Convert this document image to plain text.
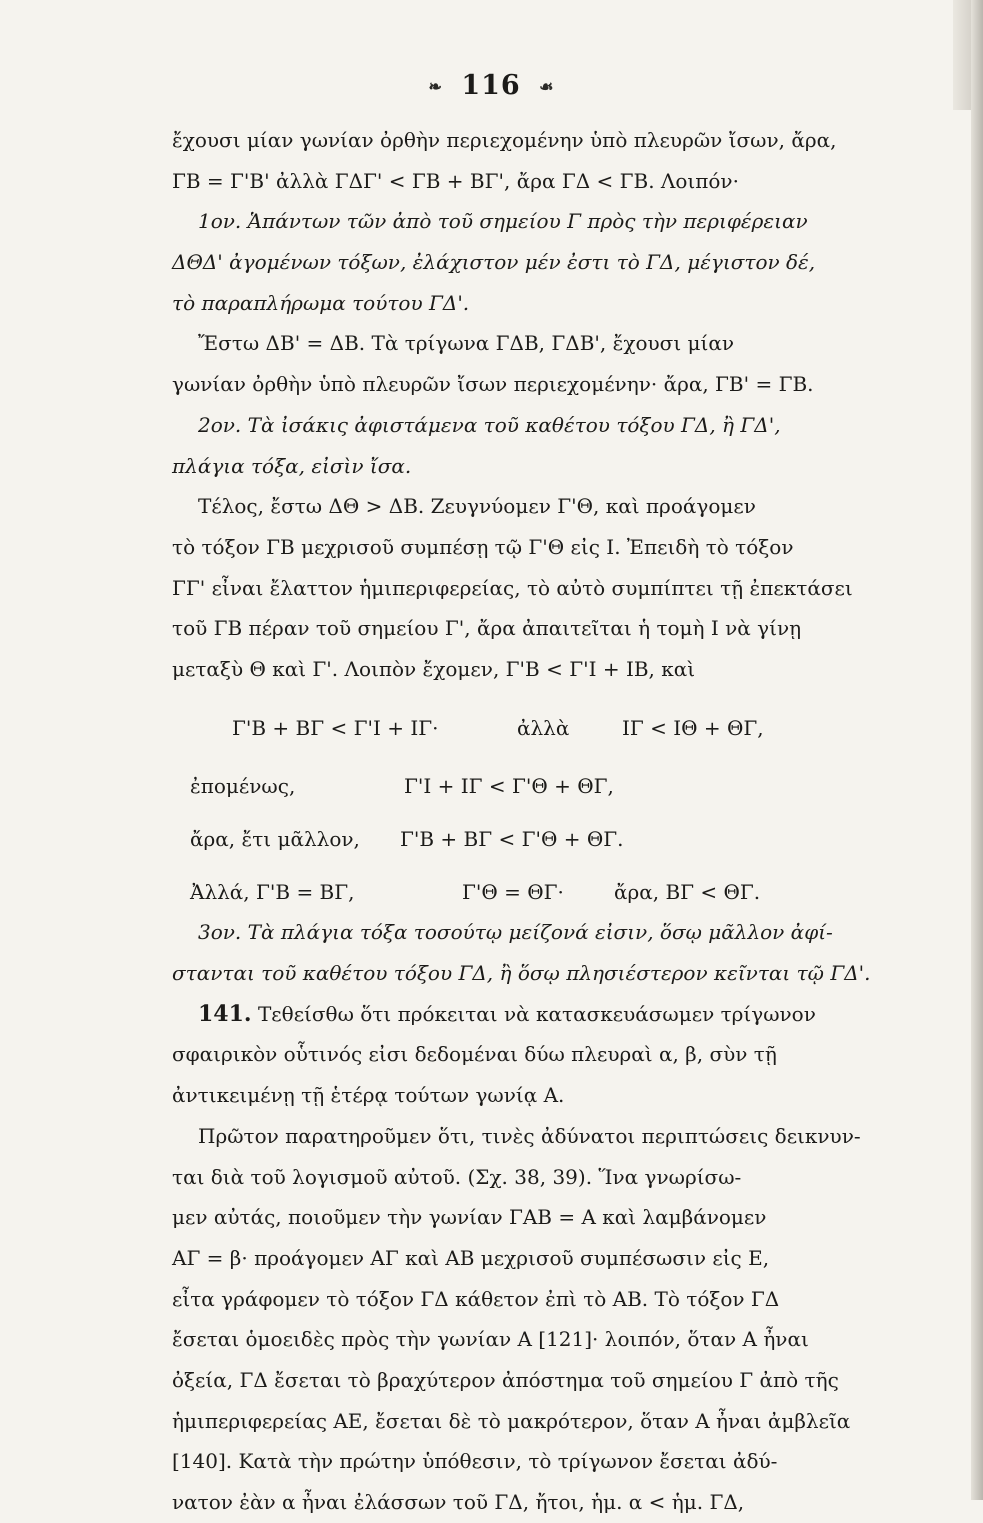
❧ 116 ☙
ἔχουσι μίαν γωνίαν ὀρθὴν περιεχομένην ὑπὸ πλευρῶν ἴσων, ἄρα,
ΓΒ = Γ'Β' ἀλλὰ ΓΔΓ' < ΓΒ + ΒΓ', ἄρα ΓΔ < ΓΒ. Λοιπόν·
1ον. Ἁπάντων τῶν ἀπὸ τοῦ σημείου Γ πρὸς τὴν περιφέρειαν
ΔΘΔ' ἀγομένων τόξων, ἐλάχιστον μέν ἐστι τὸ ΓΔ, μέγιστον δέ,
τὸ παραπλήρωμα τούτου ΓΔ'.
Ἔστω ΔΒ' = ΔΒ. Τὰ τρίγωνα ΓΔΒ, ΓΔΒ', ἔχουσι μίαν
γωνίαν ὀρθὴν ὑπὸ πλευρῶν ἴσων περιεχομένην· ἄρα, ΓΒ' = ΓΒ.
2ον. Τὰ ἰσάκις ἀφιστάμενα τοῦ καθέτου τόξου ΓΔ, ἢ ΓΔ',
πλάγια τόξα, εἰσὶν ἴσα.
Τέλος, ἔστω ΔΘ > ΔΒ. Ζευγνύομεν Γ'Θ, καὶ προάγομεν
τὸ τόξον ΓΒ μεχρισοῦ συμπέσῃ τῷ Γ'Θ εἰς Ι. Ἐπειδὴ τὸ τόξον
ΓΓ' εἶναι ἔλαττον ἡμιπεριφερείας, τὸ αὐτὸ συμπίπτει τῇ ἐπεκτάσει
τοῦ ΓΒ πέραν τοῦ σημείου Γ', ἄρα ἀπαιτεῖται ἡ τομὴ Ι νὰ γίνῃ
μεταξὺ Θ καὶ Γ'. Λοιπὸν ἔχομεν, Γ'Β < Γ'Ι + ΙΒ, καὶ
Γ'Β + ΒΓ < Γ'Ι + ΙΓ·	ἀλλὰ	ΙΓ < ΙΘ + ΘΓ,
ἐπομένως,	Γ'Ι + ΙΓ < Γ'Θ + ΘΓ,
ἄρα, ἔτι μᾶλλον, Γ'Β + ΒΓ < Γ'Θ + ΘΓ.
Ἀλλά, Γ'Β = ΒΓ,	Γ'Θ = ΘΓ·	ἄρα, ΒΓ < ΘΓ.
3ον. Τὰ πλάγια τόξα τοσούτῳ μείζονά εἰσιν, ὅσῳ μᾶλλον ἀφί-
στανται τοῦ καθέτου τόξου ΓΔ, ἢ ὅσῳ πλησιέστερον κεῖνται τῷ ΓΔ'.
141. Τεθείσθω ὅτι πρόκειται νὰ κατασκευάσωμεν τρίγωνον
σφαιρικὸν οὗτινός εἰσι δεδομέναι δύω πλευραὶ α, β, σὺν τῇ
ἀντικειμένῃ τῇ ἑτέρᾳ τούτων γωνίᾳ Α.
Πρῶτον παρατηροῦμεν ὅτι, τινὲς ἀδύνατοι περιπτώσεις δεικνυν-
ται διὰ τοῦ λογισμοῦ αὐτοῦ. (Σχ. 38, 39). Ἵνα γνωρίσω-
μεν αὐτάς, ποιοῦμεν τὴν γωνίαν ΓΑΒ = Α καὶ λαμβάνομεν
ΑΓ = β· προάγομεν ΑΓ καὶ ΑΒ μεχρισοῦ συμπέσωσιν εἰς Ε,
εἶτα γράφομεν τὸ τόξον ΓΔ κάθετον ἐπὶ τὸ ΑΒ. Τὸ τόξον ΓΔ
ἔσεται ὁμοειδὲς πρὸς τὴν γωνίαν Α [121]· λοιπόν, ὅταν Α ἦναι
ὀξεία, ΓΔ ἔσεται τὸ βραχύτερον ἀπόστημα τοῦ σημείου Γ ἀπὸ τῆς
ἡμιπεριφερείας ΑΕ, ἔσεται δὲ τὸ μακρότερον, ὅταν Α ἦναι ἀμβλεῖα
[140]. Κατὰ τὴν πρώτην ὑπόθεσιν, τὸ τρίγωνον ἔσεται ἀδύ-
νατον ἐὰν α ἦναι ἐλάσσων τοῦ ΓΔ, ἤτοι, ἡμ. α < ἡμ. ΓΔ,
